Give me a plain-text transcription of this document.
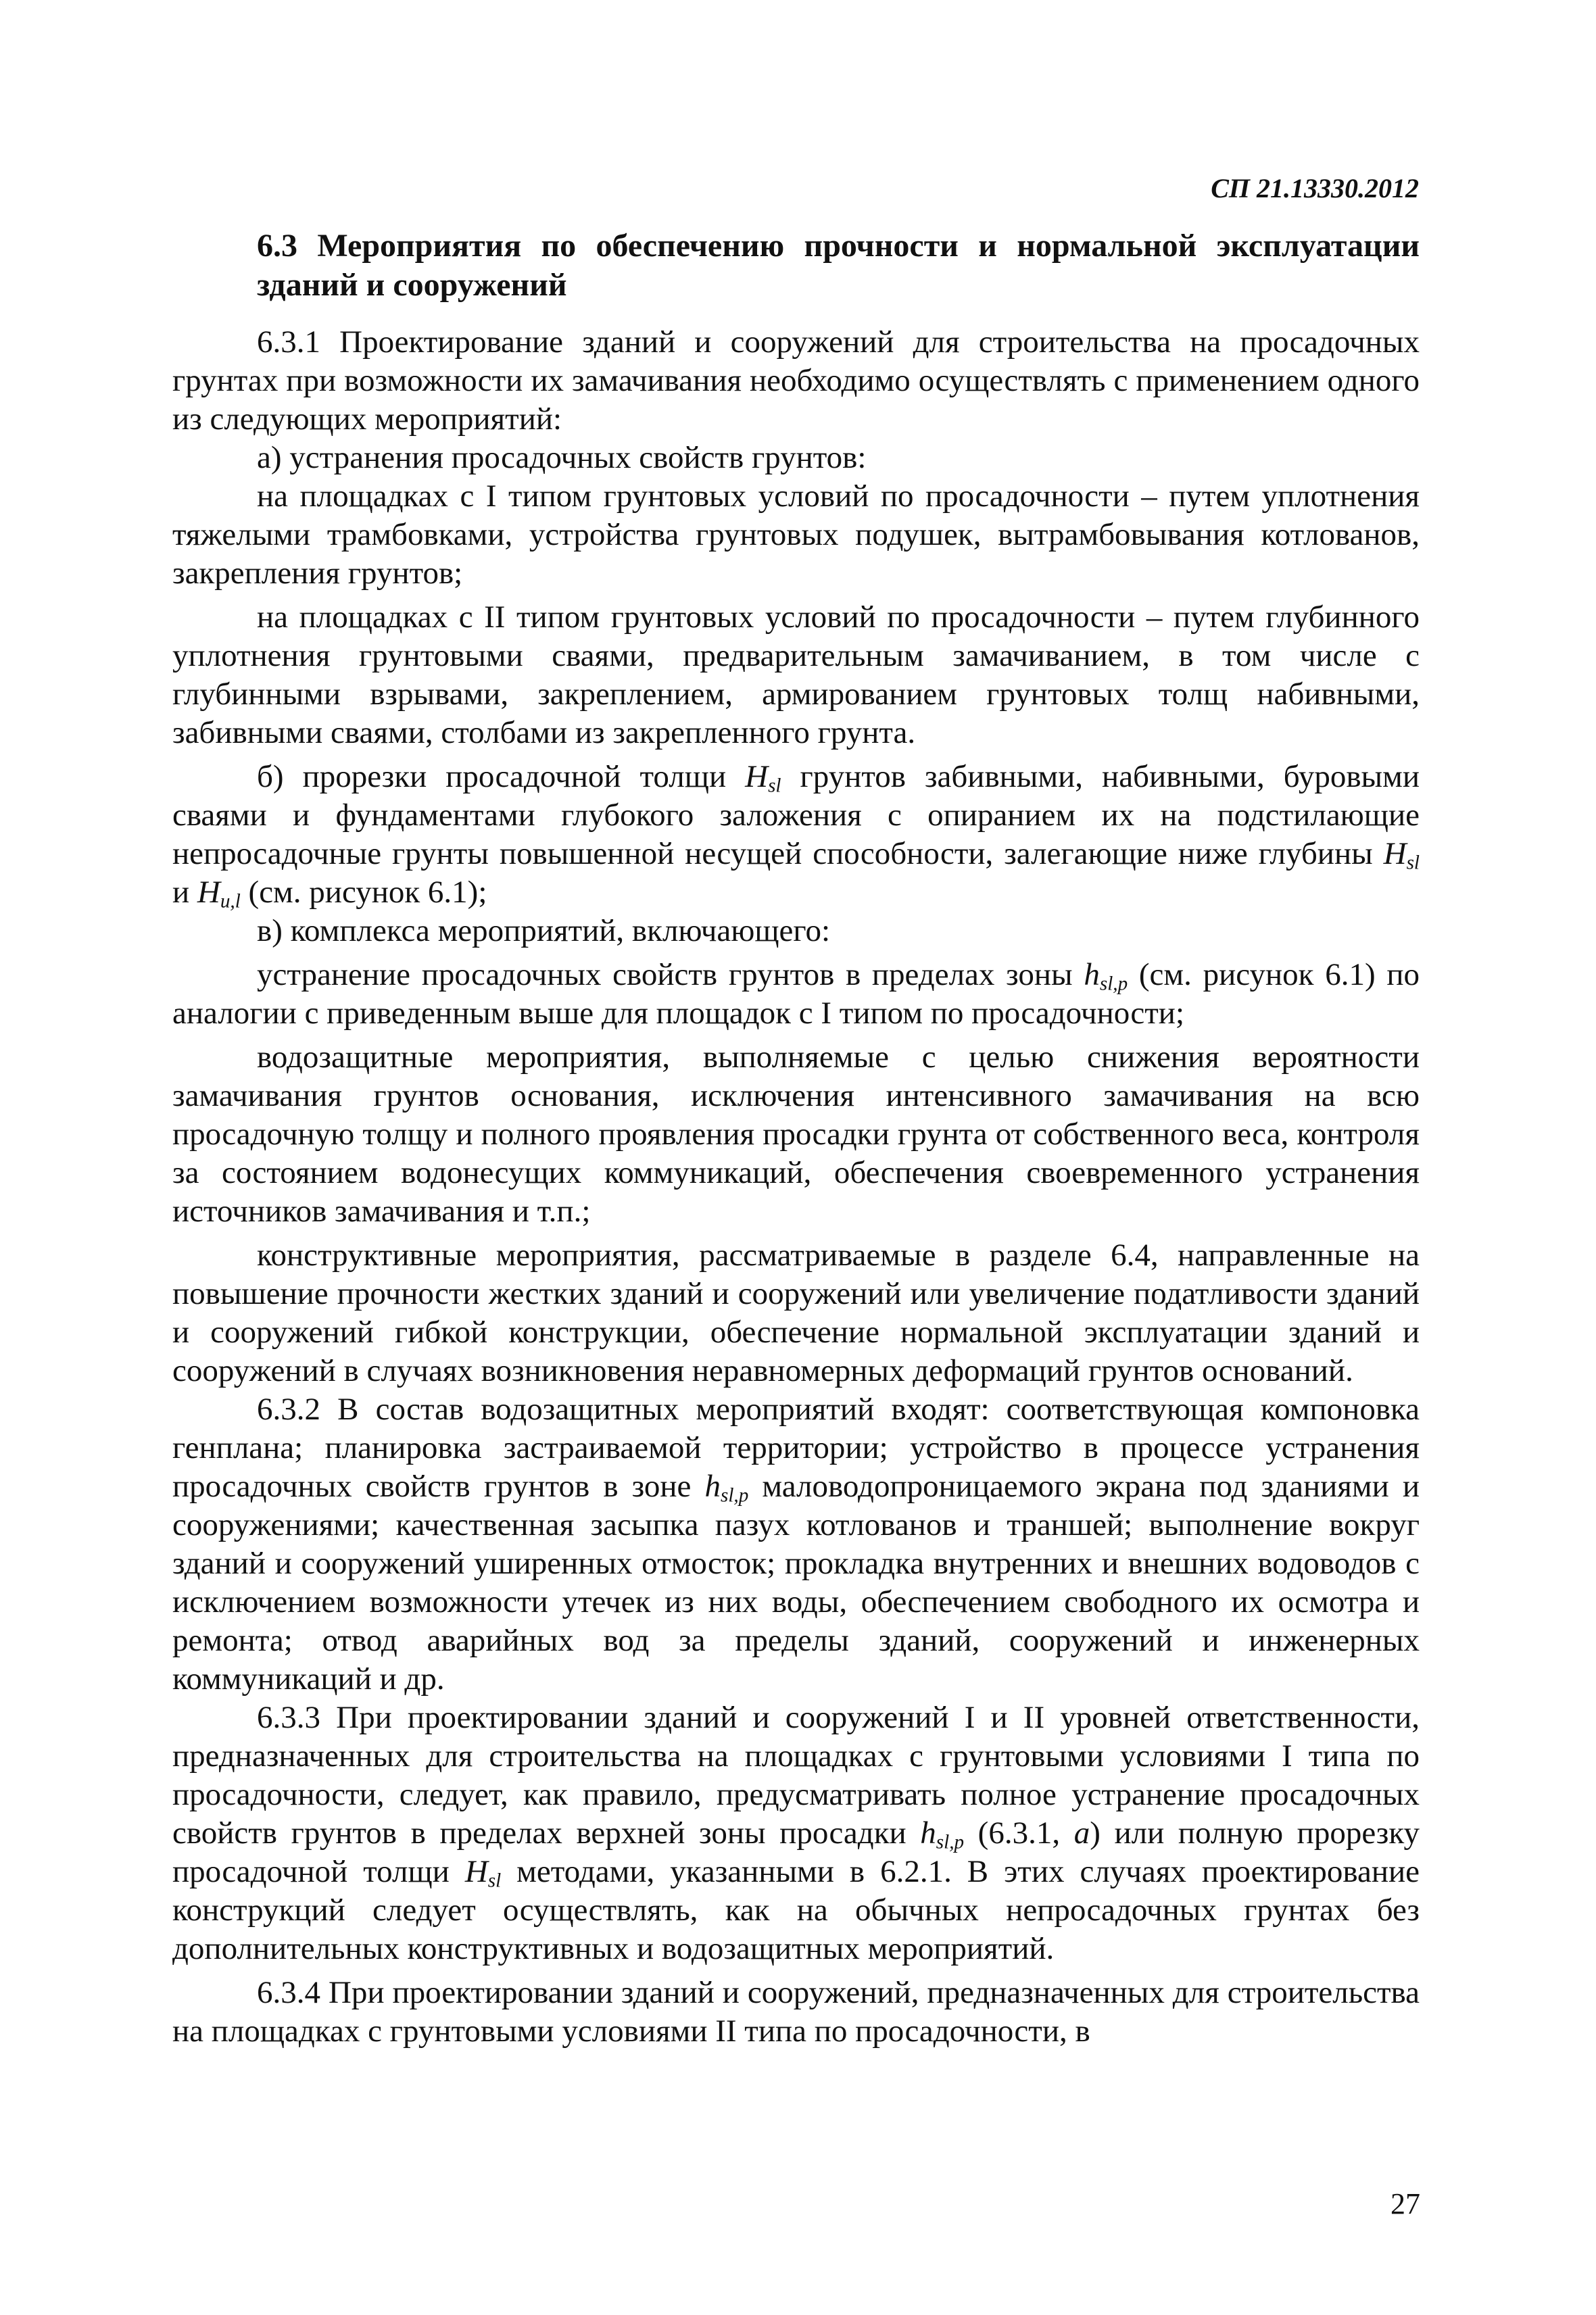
СП 21.13330.2012
6.3 Мероприятия по обеспечению прочности и нормальной эксплуатации зданий и сооружений

6.3.1 Проектирование зданий и сооружений для строительства на просадочных грунтах при возможности их замачивания необходимо осуществлять с применением одного из следующих мероприятий:

а) устранения просадочных свойств грунтов:

на площадках с I типом грунтовых условий по просадочности – путем уплотнения тяжелыми трамбовками, устройства грунтовых подушек, вытрамбовывания котлованов, закрепления грунтов;

на площадках с II типом грунтовых условий по просадочности – путем глубинного уплотнения грунтовыми сваями, предварительным замачиванием, в том числе с глубинными взрывами, закреплением, армированием грунтовых толщ набивными, забивными сваями, столбами из закрепленного грунта.

б) прорезки просадочной толщи $H_{sl}$ грунтов забивными, набивными, буровыми сваями и фундаментами глубокого заложения с опиранием их на подстилающие непросадочные грунты повышенной несущей способности, залегающие ниже глубины $H_{sl}$ и $H_{u,l}$ (см. рисунок 6.1);

в) комплекса мероприятий, включающего:

устранение просадочных свойств грунтов в пределах зоны $h_{sl,p}$ (см. рисунок 6.1) по аналогии с приведенным выше для площадок с I типом по просадочности;

водозащитные мероприятия, выполняемые с целью снижения вероятности замачивания грунтов основания, исключения интенсивного замачивания на всю просадочную толщу и полного проявления просадки грунта от собственного веса, контроля за состоянием водонесущих коммуникаций, обеспечения своевременного устранения источников замачивания и т.п.;

конструктивные мероприятия, рассматриваемые в разделе 6.4, направленные на повышение прочности жестких зданий и сооружений или увеличение податливости зданий и сооружений гибкой конструкции, обеспечение нормальной эксплуатации зданий и сооружений в случаях возникновения неравномерных деформаций грунтов оснований.

6.3.2 В состав водозащитных мероприятий входят: соответствующая компоновка генплана; планировка застраиваемой территории; устройство в процессе устранения просадочных свойств грунтов в зоне $h_{sl,p}$ маловодопроницаемого экрана под зданиями и сооружениями; качественная засыпка пазух котлованов и траншей; выполнение вокруг зданий и сооружений уширенных отмосток; прокладка внутренних и внешних водоводов с исключением возможности утечек из них воды, обеспечением свободного их осмотра и ремонта; отвод аварийных вод за пределы зданий, сооружений и инженерных коммуникаций и др.

6.3.3 При проектировании зданий и сооружений I и II уровней ответственности, предназначенных для строительства на площадках с грунтовыми условиями I типа по просадочности, следует, как правило, предусматривать полное устранение просадочных свойств грунтов в пределах верхней зоны просадки $h_{sl,p}$ (6.3.1, а) или полную прорезку просадочной толщи $H_{sl}$ методами, указанными в 6.2.1. В этих случаях проектирование конструкций следует осуществлять, как на обычных непросадочных грунтах без дополнительных конструктивных и водозащитных мероприятий.

6.3.4 При проектировании зданий и сооружений, предназначенных для строительства на площадках с грунтовыми условиями II типа по просадочности, в

27
